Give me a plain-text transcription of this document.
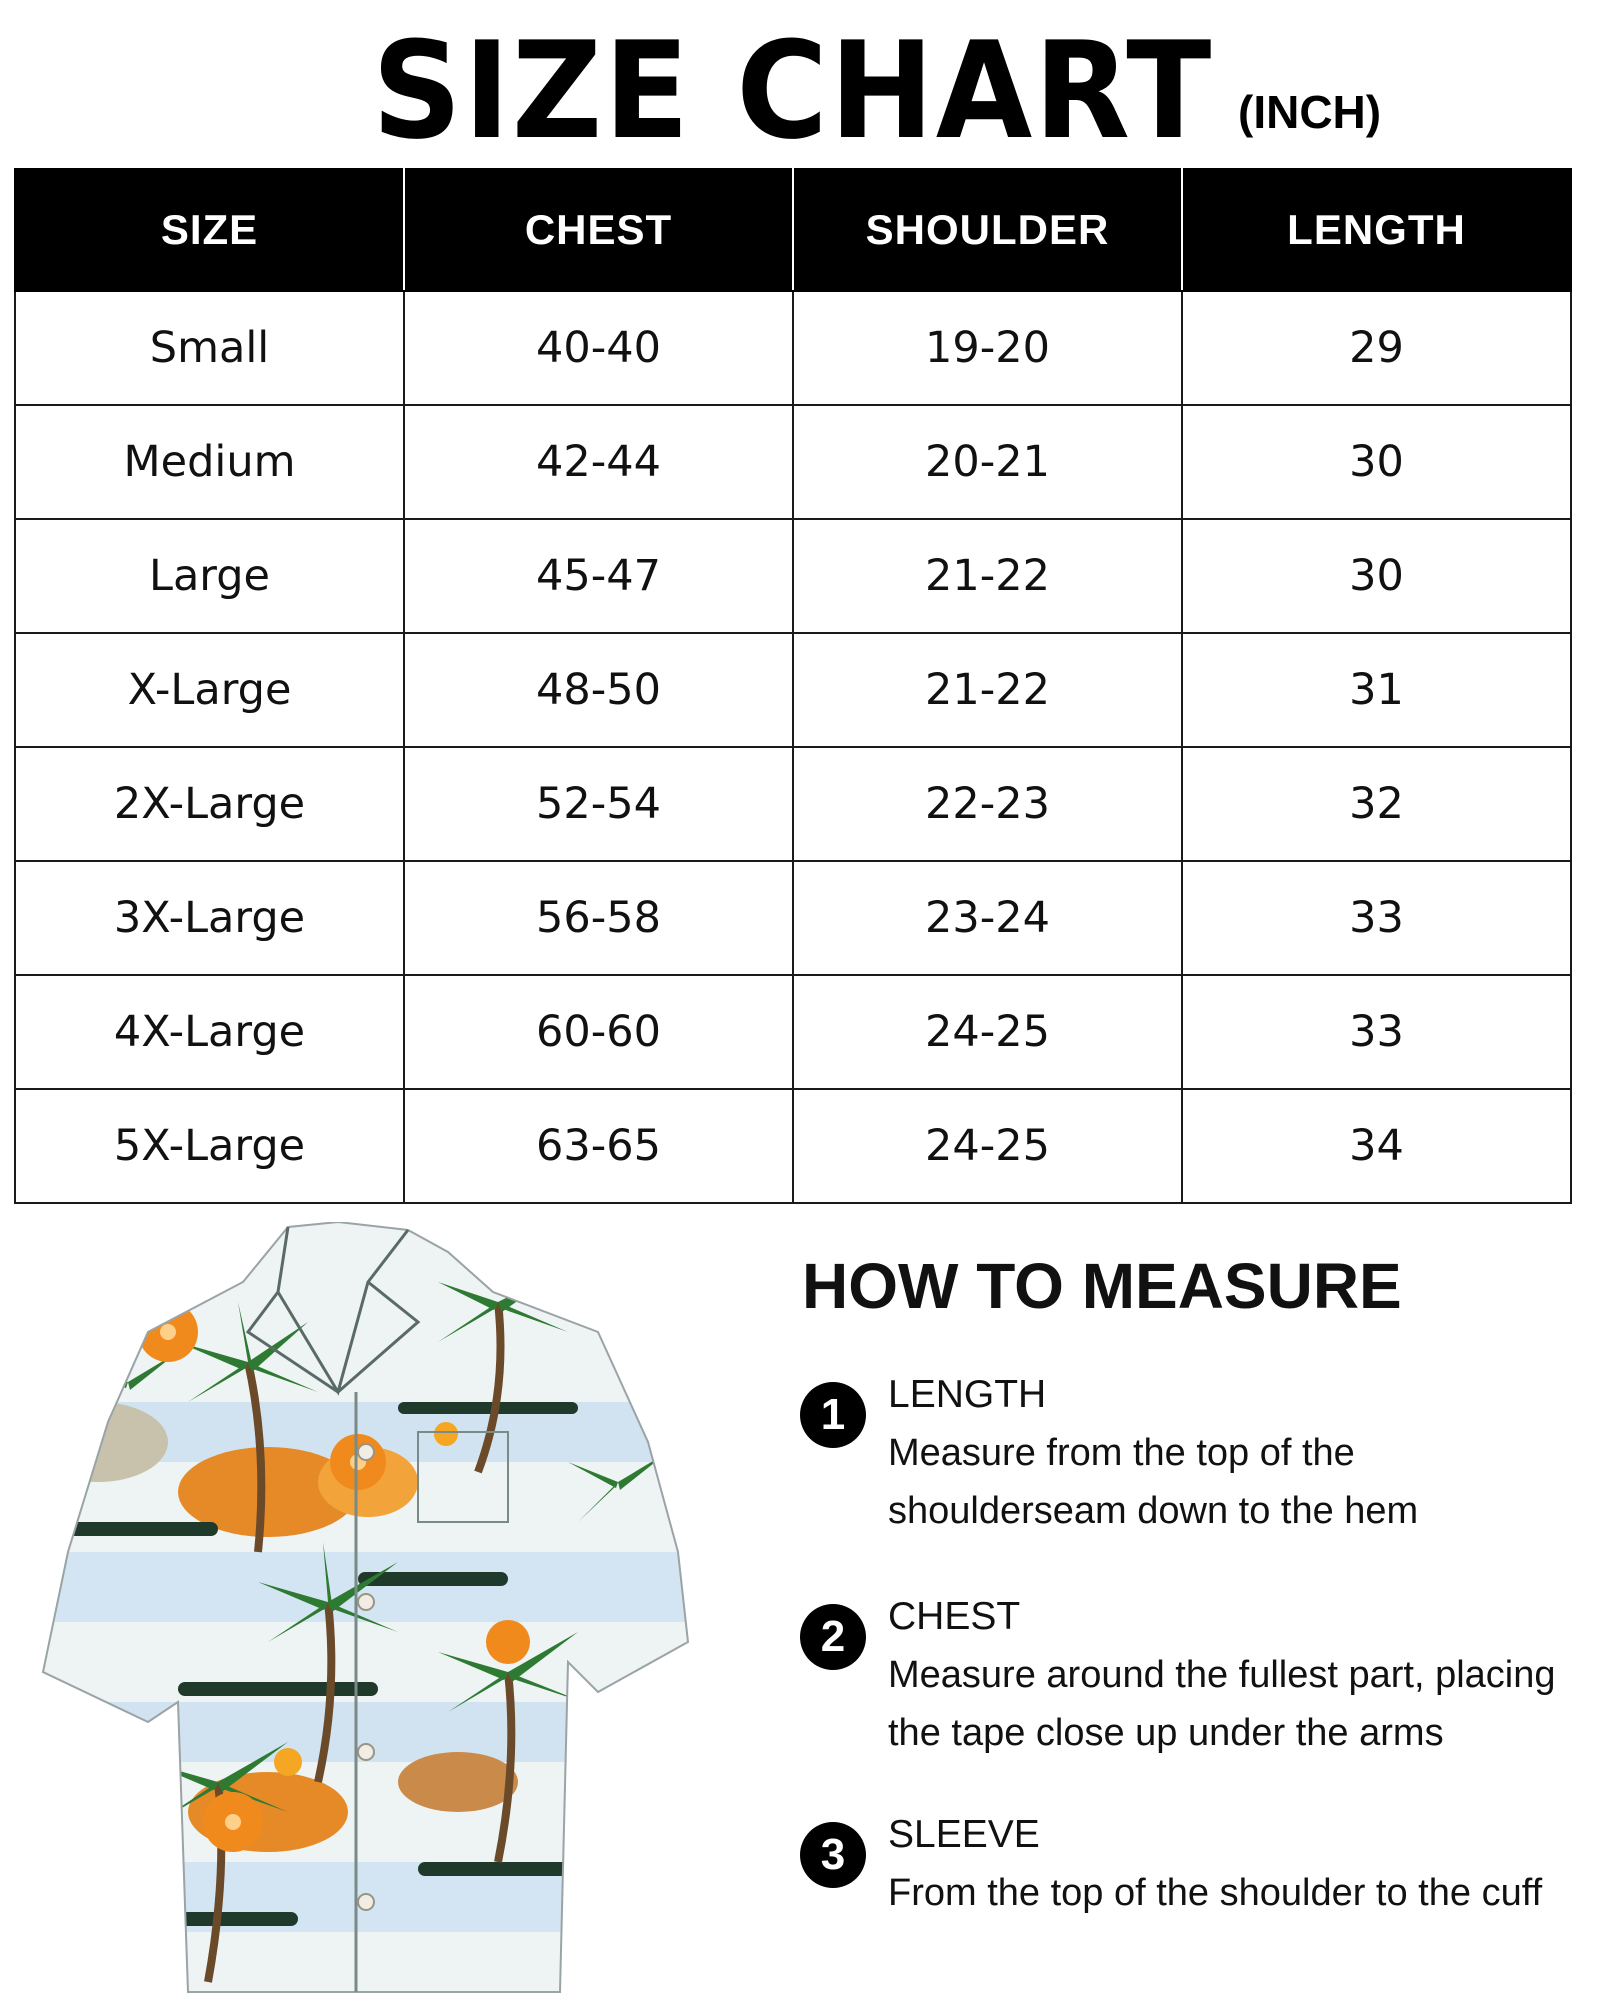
SIZE CHART (INCH)
SIZE	CHEST	SHOULDER	LENGTH
Small	40-40	19-20	29
Medium	42-44	20-21	30
Large	45-47	21-22	30
X-Large	48-50	21-22	31
2X-Large	52-54	22-23	32
3X-Large	56-58	23-24	33
4X-Large	60-60	24-25	33
5X-Large	63-65	24-25	34
HOW TO MEASURE
1	LENGTH
Measure from the top of the shoulderseam down to the hem
2	CHEST
Measure around the fullest part, placing the tape close up under the arms
3	SLEEVE
From the top of the shoulder to the cuff
